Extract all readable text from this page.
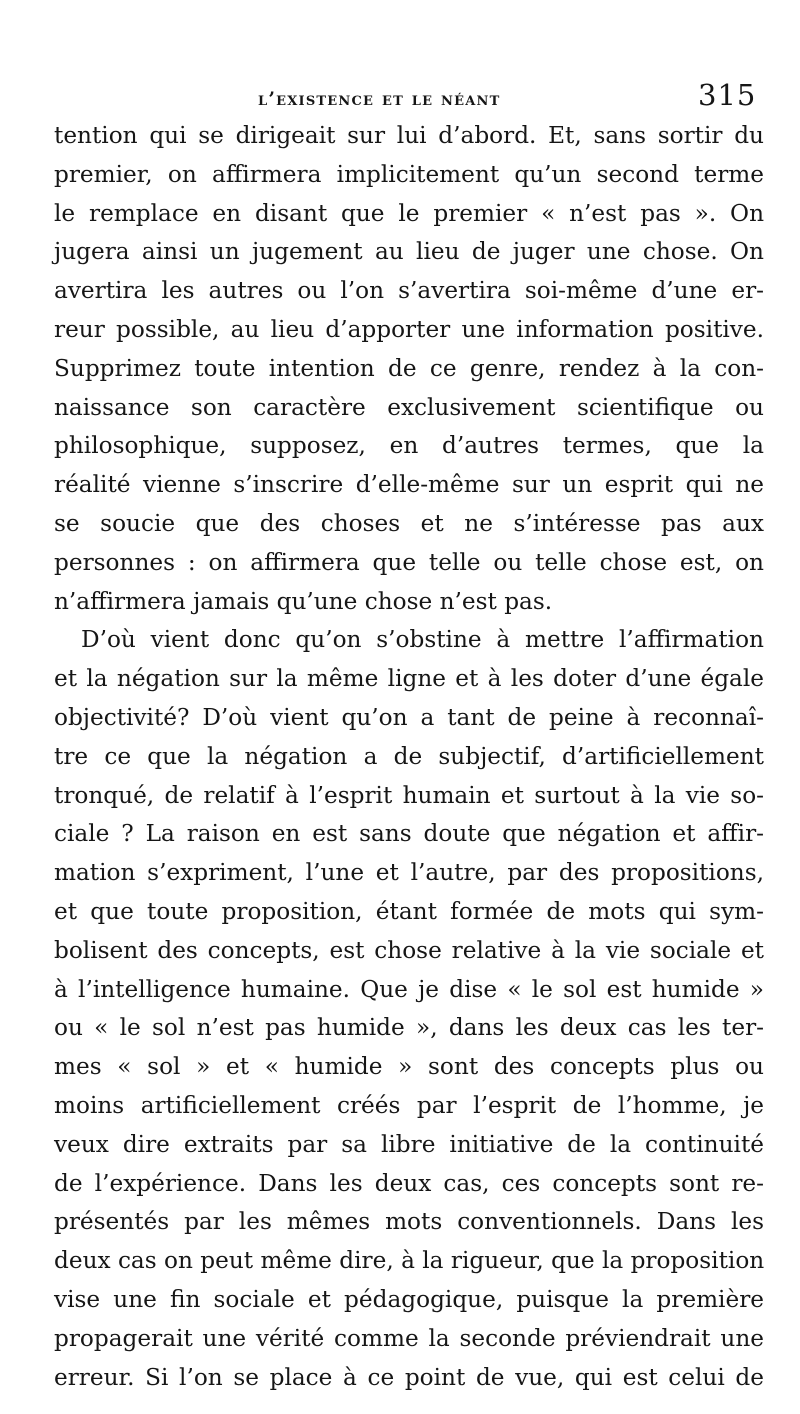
l’existence et le néant	315
tention qui se dirigeait sur lui d’abord. Et, sans sortir du
premier, on affirmera implicitement qu’un second terme
le remplace en disant que le premier « n’est pas ». On
jugera ainsi un jugement au lieu de juger une chose. On
avertira les autres ou l’on s’avertira soi-même d’une er-
reur possible, au lieu d’apporter une information positive.
Supprimez toute intention de ce genre, rendez à la con-
naissance son caractère exclusivement scientifique ou
philosophique, supposez, en d’autres termes, que la
réalité vienne s’inscrire d’elle-même sur un esprit qui ne
se soucie que des choses et ne s’intéresse pas aux
personnes : on affirmera que telle ou telle chose est, on
n’affirmera jamais qu’une chose n’est pas.
D’où vient donc qu’on s’obstine à mettre l’affirmation
et la négation sur la même ligne et à les doter d’une égale
objectivité? D’où vient qu’on a tant de peine à reconnaî-
tre ce que la négation a de subjectif, d’artificiellement
tronqué, de relatif à l’esprit humain et surtout à la vie so-
ciale ? La raison en est sans doute que négation et affir-
mation s’expriment, l’une et l’autre, par des propositions,
et que toute proposition, étant formée de mots qui sym-
bolisent des concepts, est chose relative à la vie sociale et
à l’intelligence humaine. Que je dise « le sol est humide »
ou « le sol n’est pas humide », dans les deux cas les ter-
mes « sol » et « humide » sont des concepts plus ou
moins artificiellement créés par l’esprit de l’homme, je
veux dire extraits par sa libre initiative de la continuité
de l’expérience. Dans les deux cas, ces concepts sont re-
présentés par les mêmes mots conventionnels. Dans les
deux cas on peut même dire, à la rigueur, que la proposition
vise une fin sociale et pédagogique, puisque la première
propagerait une vérité comme la seconde préviendrait une
erreur. Si l’on se place à ce point de vue, qui est celui de
